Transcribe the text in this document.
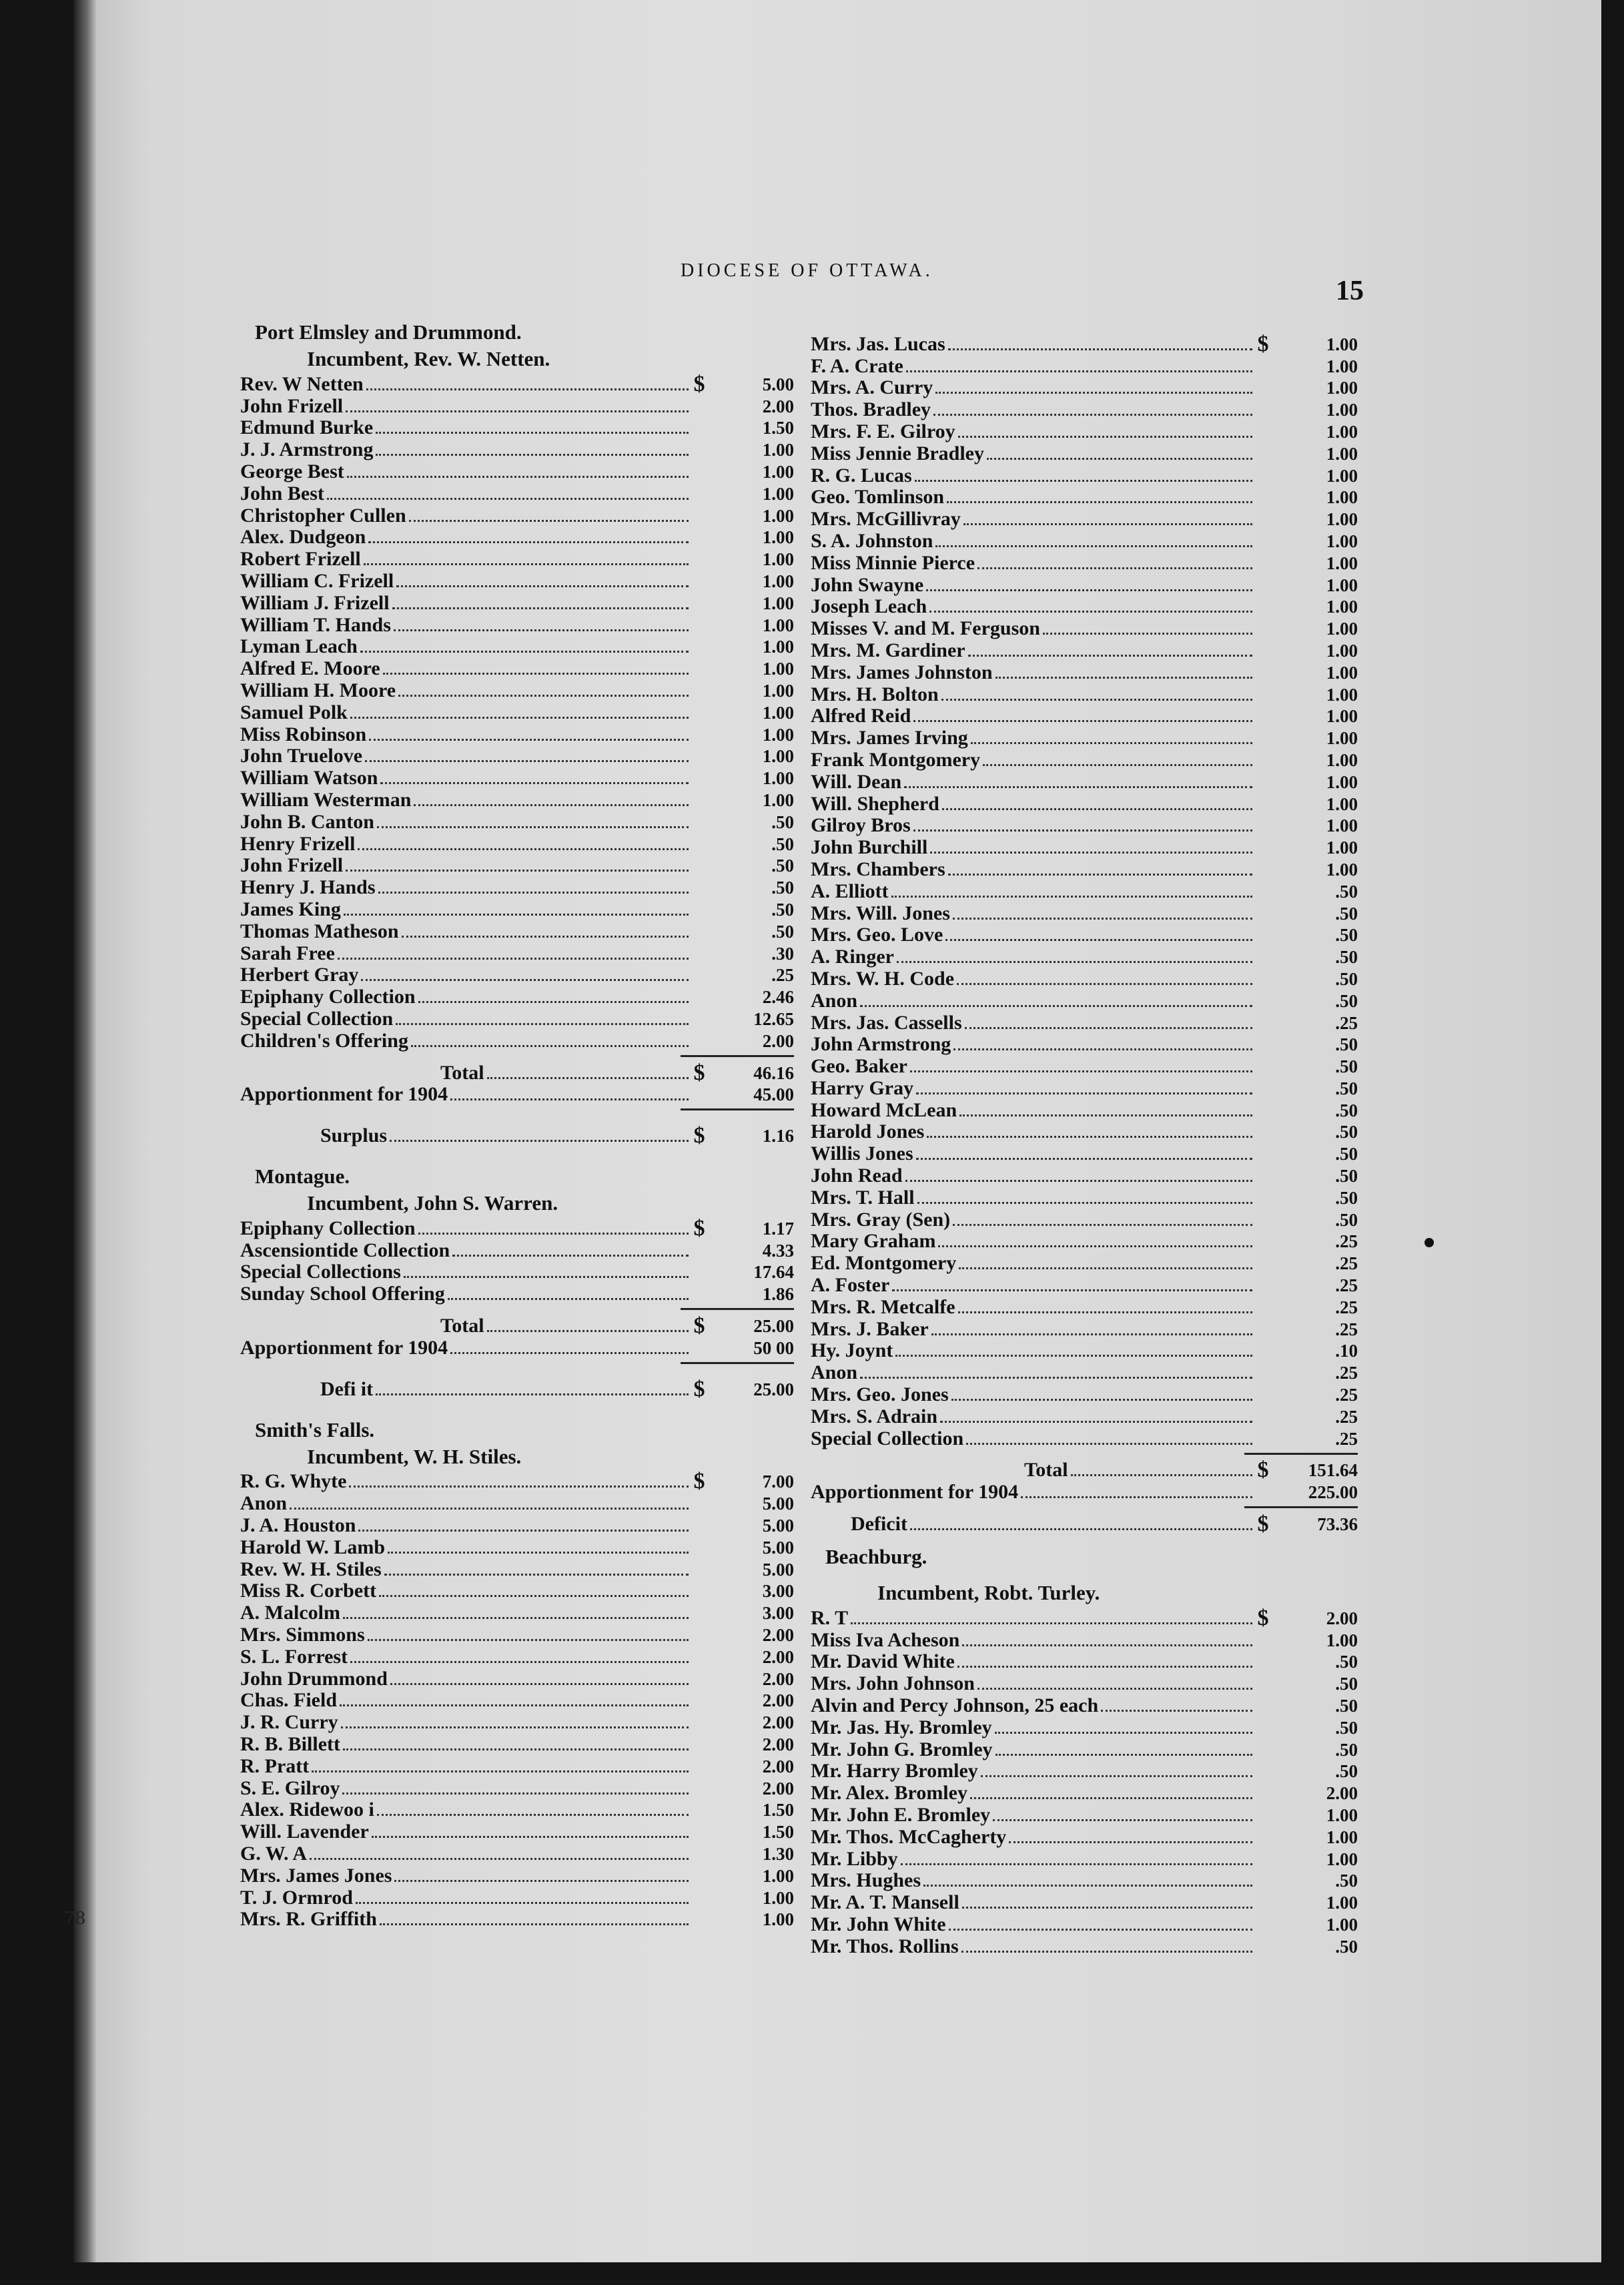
78
DIOCESE OF OTTAWA.
15
Port Elmsley and Drummond.
Incumbent, Rev. W. Netten.
Rev. W Netten	$	5.00
John Frizell	2.00
Edmund Burke	1.50
J. J. Armstrong	1.00
George Best	1.00
John Best	1.00
Christopher Cullen	1.00
Alex. Dudgeon	1.00
Robert Frizell	1.00
William C. Frizell	1.00
William J. Frizell	1.00
William T. Hands	1.00
Lyman Leach	1.00
Alfred E. Moore	1.00
William H. Moore	1.00
Samuel Polk	1.00
Miss Robinson	1.00
John Truelove	1.00
William Watson	1.00
William Westerman	1.00
John B. Canton	.50
Henry Frizell	.50
John Frizell	.50
Henry J. Hands	.50
James King	.50
Thomas Matheson	.50
Sarah Free	.30
Herbert Gray	.25
Epiphany Collection	2.46
Special Collection	12.65
Children's Offering	2.00
Total	$	46.16
Apportionment for 1904	45.00
Surplus	$	1.16
Montague.
Incumbent, John S. Warren.
Epiphany Collection	$	1.17
Ascensiontide Collection	4.33
Special Collections	17.64
Sunday School Offering	1.86
Total	$	25.00
Apportionment for 1904	50 00
Defi it	$	25.00
Smith's Falls.
Incumbent, W. H. Stiles.
R. G. Whyte	$	7.00
Anon	5.00
J. A. Houston	5.00
Harold W. Lamb	5.00
Rev. W. H. Stiles	5.00
Miss R. Corbett	3.00
A. Malcolm	3.00
Mrs. Simmons	2.00
S. L. Forrest	2.00
John Drummond	2.00
Chas. Field	2.00
J. R. Curry	2.00
R. B. Billett	2.00
R. Pratt	2.00
S. E. Gilroy	2.00
Alex. Ridewoo i	1.50
Will. Lavender	1.50
G. W. A	1.30
Mrs. James Jones	1.00
T. J. Ormrod	1.00
Mrs. R. Griffith	1.00
Mrs. Jas. Lucas	$	1.00
F. A. Crate	1.00
Mrs. A. Curry	1.00
Thos. Bradley	1.00
Mrs. F. E. Gilroy	1.00
Miss Jennie Bradley	1.00
R. G. Lucas	1.00
Geo. Tomlinson	1.00
Mrs. McGillivray	1.00
S. A. Johnston	1.00
Miss Minnie Pierce	1.00
John Swayne	1.00
Joseph Leach	1.00
Misses V. and M. Ferguson	1.00
Mrs. M. Gardiner	1.00
Mrs. James Johnston	1.00
Mrs. H. Bolton	1.00
Alfred Reid	1.00
Mrs. James Irving	1.00
Frank Montgomery	1.00
Will. Dean	1.00
Will. Shepherd	1.00
Gilroy Bros	1.00
John Burchill	1.00
Mrs. Chambers	1.00
A. Elliott	.50
Mrs. Will. Jones	.50
Mrs. Geo. Love	.50
A. Ringer	.50
Mrs. W. H. Code	.50
Anon	.50
Mrs. Jas. Cassells	.25
John Armstrong	.50
Geo. Baker	.50
Harry Gray	.50
Howard McLean	.50
Harold Jones	.50
Willis Jones	.50
John Read	.50
Mrs. T. Hall	.50
Mrs. Gray (Sen)	.50
Mary Graham	.25
Ed. Montgomery	.25
A. Foster	.25
Mrs. R. Metcalfe	.25
Mrs. J. Baker	.25
Hy. Joynt	.10
Anon	.25
Mrs. Geo. Jones	.25
Mrs. S. Adrain	.25
Special Collection	.25
Total	$	151.64
Apportionment for 1904	225.00
Deficit	$	73.36
Beachburg.
Incumbent, Robt. Turley.
R. T	$	2.00
Miss Iva Acheson	1.00
Mr. David White	.50
Mrs. John Johnson	.50
Alvin and Percy Johnson, 25 each	.50
Mr. Jas. Hy. Bromley	.50
Mr. John G. Bromley	.50
Mr. Harry Bromley	.50
Mr. Alex. Bromley	2.00
Mr. John E. Bromley	1.00
Mr. Thos. McCagherty	1.00
Mr. Libby	1.00
Mrs. Hughes	.50
Mr. A. T. Mansell	1.00
Mr. John White	1.00
Mr. Thos. Rollins	.50
